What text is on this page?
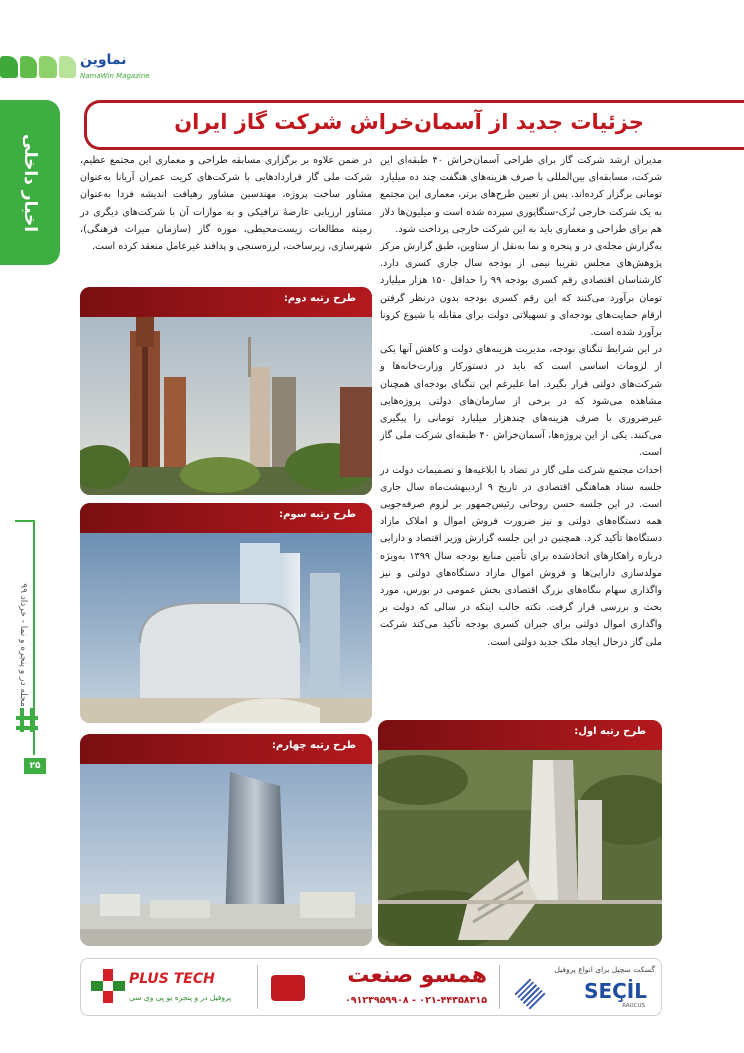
نماوین
NamaWin Magazine
اخبار داخلی
مجله در و پنجره و نما - خرداد ۹۹
۲۵
جزئیات جدید از آسمان‌خراش شرکت گاز ایران

مدیران ارشد شرکت گاز برای طراحی آسمان‌خراش ۴۰ طبقه‌ای این شرکت، مسابقه‌ای بین‌المللی با صرف هزینه‌های هنگفت چند ده میلیارد تومانی برگزار کرده‌اند. پس از تعیین طرح‌های برتر، معماری این مجتمع به یک شرکت خارجی تُرک-سنگاپوری سپرده شده است و میلیون‌ها دلار هم برای طراحی و معماری باید به این شرکت خارجی پرداخت شود.

به‌گزارش مجله‌ی در و پنجره و نما به‌نقل از ستاوین، طبق گزارش مرکز پژوهش‌های مجلس تقریبا نیمی از بودجه سال جاری کسری دارد. کارشناسان اقتصادی رقم کسری بودجه ۹۹ را حداقل ۱۵۰ هزار میلیارد تومان برآورد می‌کنند که این رقم کسری بودجه بدون درنظر گرفتن ارقام حمایت‌های بودجه‌ای و تسهیلاتی دولت برای مقابله با شیوع کرونا برآورد شده است.

در این شرایط تنگنای بودجه، مدیریت هزینه‌های دولت و کاهش آنها یکی از لزومات اساسی است که باید در دستورکار وزارت‌خانه‌ها و شرکت‌های دولتی قرار بگیرد. اما علیرغم این تنگنای بودجه‌ای همچنان مشاهده می‌شود که در برخی از سازمان‌های دولتی پروژه‌هایی غیرضروری با صرف هزینه‌های چندهزار میلیارد تومانی را پیگیری می‌کنند. یکی از این پروژه‌ها، آسمان‌خراش ۴۰ طبقه‌ای شرکت ملی گاز است.

احداث مجتمع شرکت ملی گاز در تضاد با ابلاغیه‌ها و تصمیمات دولت در جلسه ستاد هماهنگی اقتصادی در تاریخ ۹ اردیبهشت‌ماه سال جاری است. در این جلسه حسن روحانی رئیس‌جمهور بر لزوم صرفه‌جویی همه دستگاه‌های دولتی و نیز ضرورت فروش اموال و املاک مازاد دستگاه‌ها تأکید کرد. همچنین در این جلسه گزارش وزیر اقتصاد و دارایی درباره راهکارهای اتخاذشده برای تأمین منابع بودجه سال ۱۳۹۹ به‌ویژه مولدسازی دارایی‌ها و فروش اموال مازاد دستگاه‌های دولتی و نیز واگذاری سهام بنگاه‌های بزرگ اقتصادی بخش عمومی در بورس، مورد بحث و بررسی قرار گرفت. نکته جالب اینکه در سالی که دولت بر واگذاری اموال دولتی برای جبران کسری بودجه تأکید می‌کند شرکت ملی گاز درحال ایجاد ملک جدید دولتی است.

در ضمن علاوه بر برگزاری مسابقه طراحی و معماری این مجتمع عظیم، شرکت ملی گاز قراردادهایی با شرکت‌های کریت عمران آریانا به‌عنوان مشاور ساخت پروژه، مهندسین مشاور رهیافت اندیشه فردا به‌عنوان مشاور ارزیابی عارضهٔ ترافیکی و به موازات آن با شرکت‌های دیگری در زمینه مطالعات زیست‌محیطی، موزه گاز (سازمان میراث فرهنگی)، شهرسازی، زیرساخت، لرزه‌سنجی و پدافند غیرعامل منعقد کرده است.

طرح رتبه دوم:
طرح رتبه سوم:
طرح رتبه چهارم:
طرح رتبه اول:
PLUS TECH
پروفیل در و پنجره یو پی وی سی
همسو صنعت
۰۲۱-۴۴۳۵۸۳۱۵ - ۰۹۱۲۳۹۵۹۹۰۸
گسکت سچیل برای انواع پروفیل
SEÇİL
RAUCUS
